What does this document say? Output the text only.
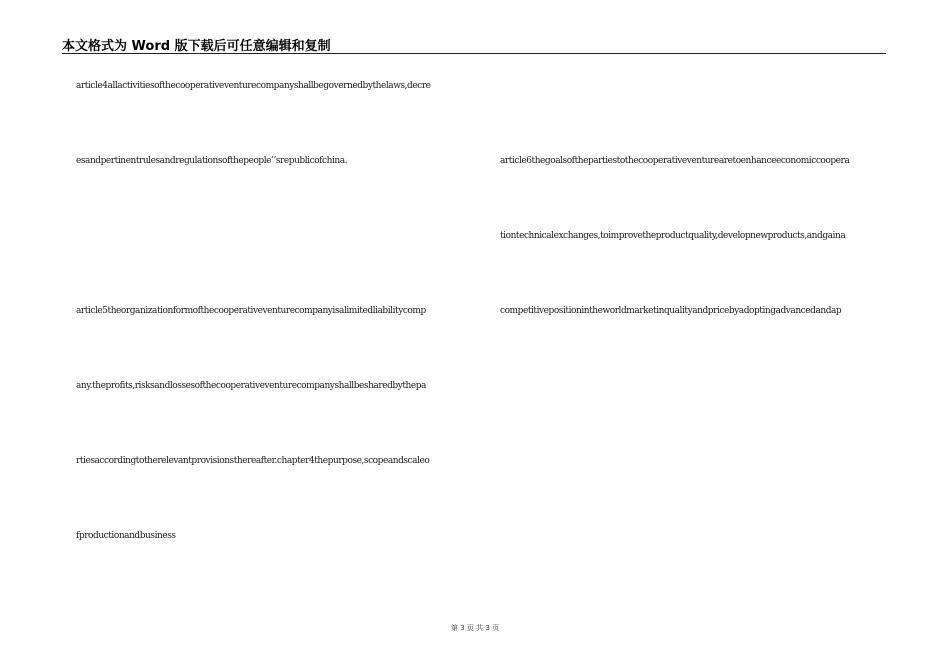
本文格式为 Word 版下载后可任意编辑和复制
article4allactivitiesofthecooperativeventurecompanyshallbegovernedbythelaws,decre
esandpertinentrulesandregulationsofthepeople’’srepublicofchina.
article5theorganizationformofthecooperativeventurecompanyisalimitedliabilitycomp
any.theprofits,risksandlossesofthecooperativeventurecompanyshallbesharedbythepa
rtiesaccordingtotherelevantprovisionsthereafter.chapter4thepurpose,scopeandscaleo
fproductionandbusiness
article6thegoalsofthepartiestothecooperativeventurearetoenhanceeconomiccoopera
tiontechnicalexchanges,toimprovetheproductquality,developnewproducts,andgaina
competitivepositionintheworldmarketinqualityandpricebyadoptingadvancedandap
第 3 页 共 3 页
